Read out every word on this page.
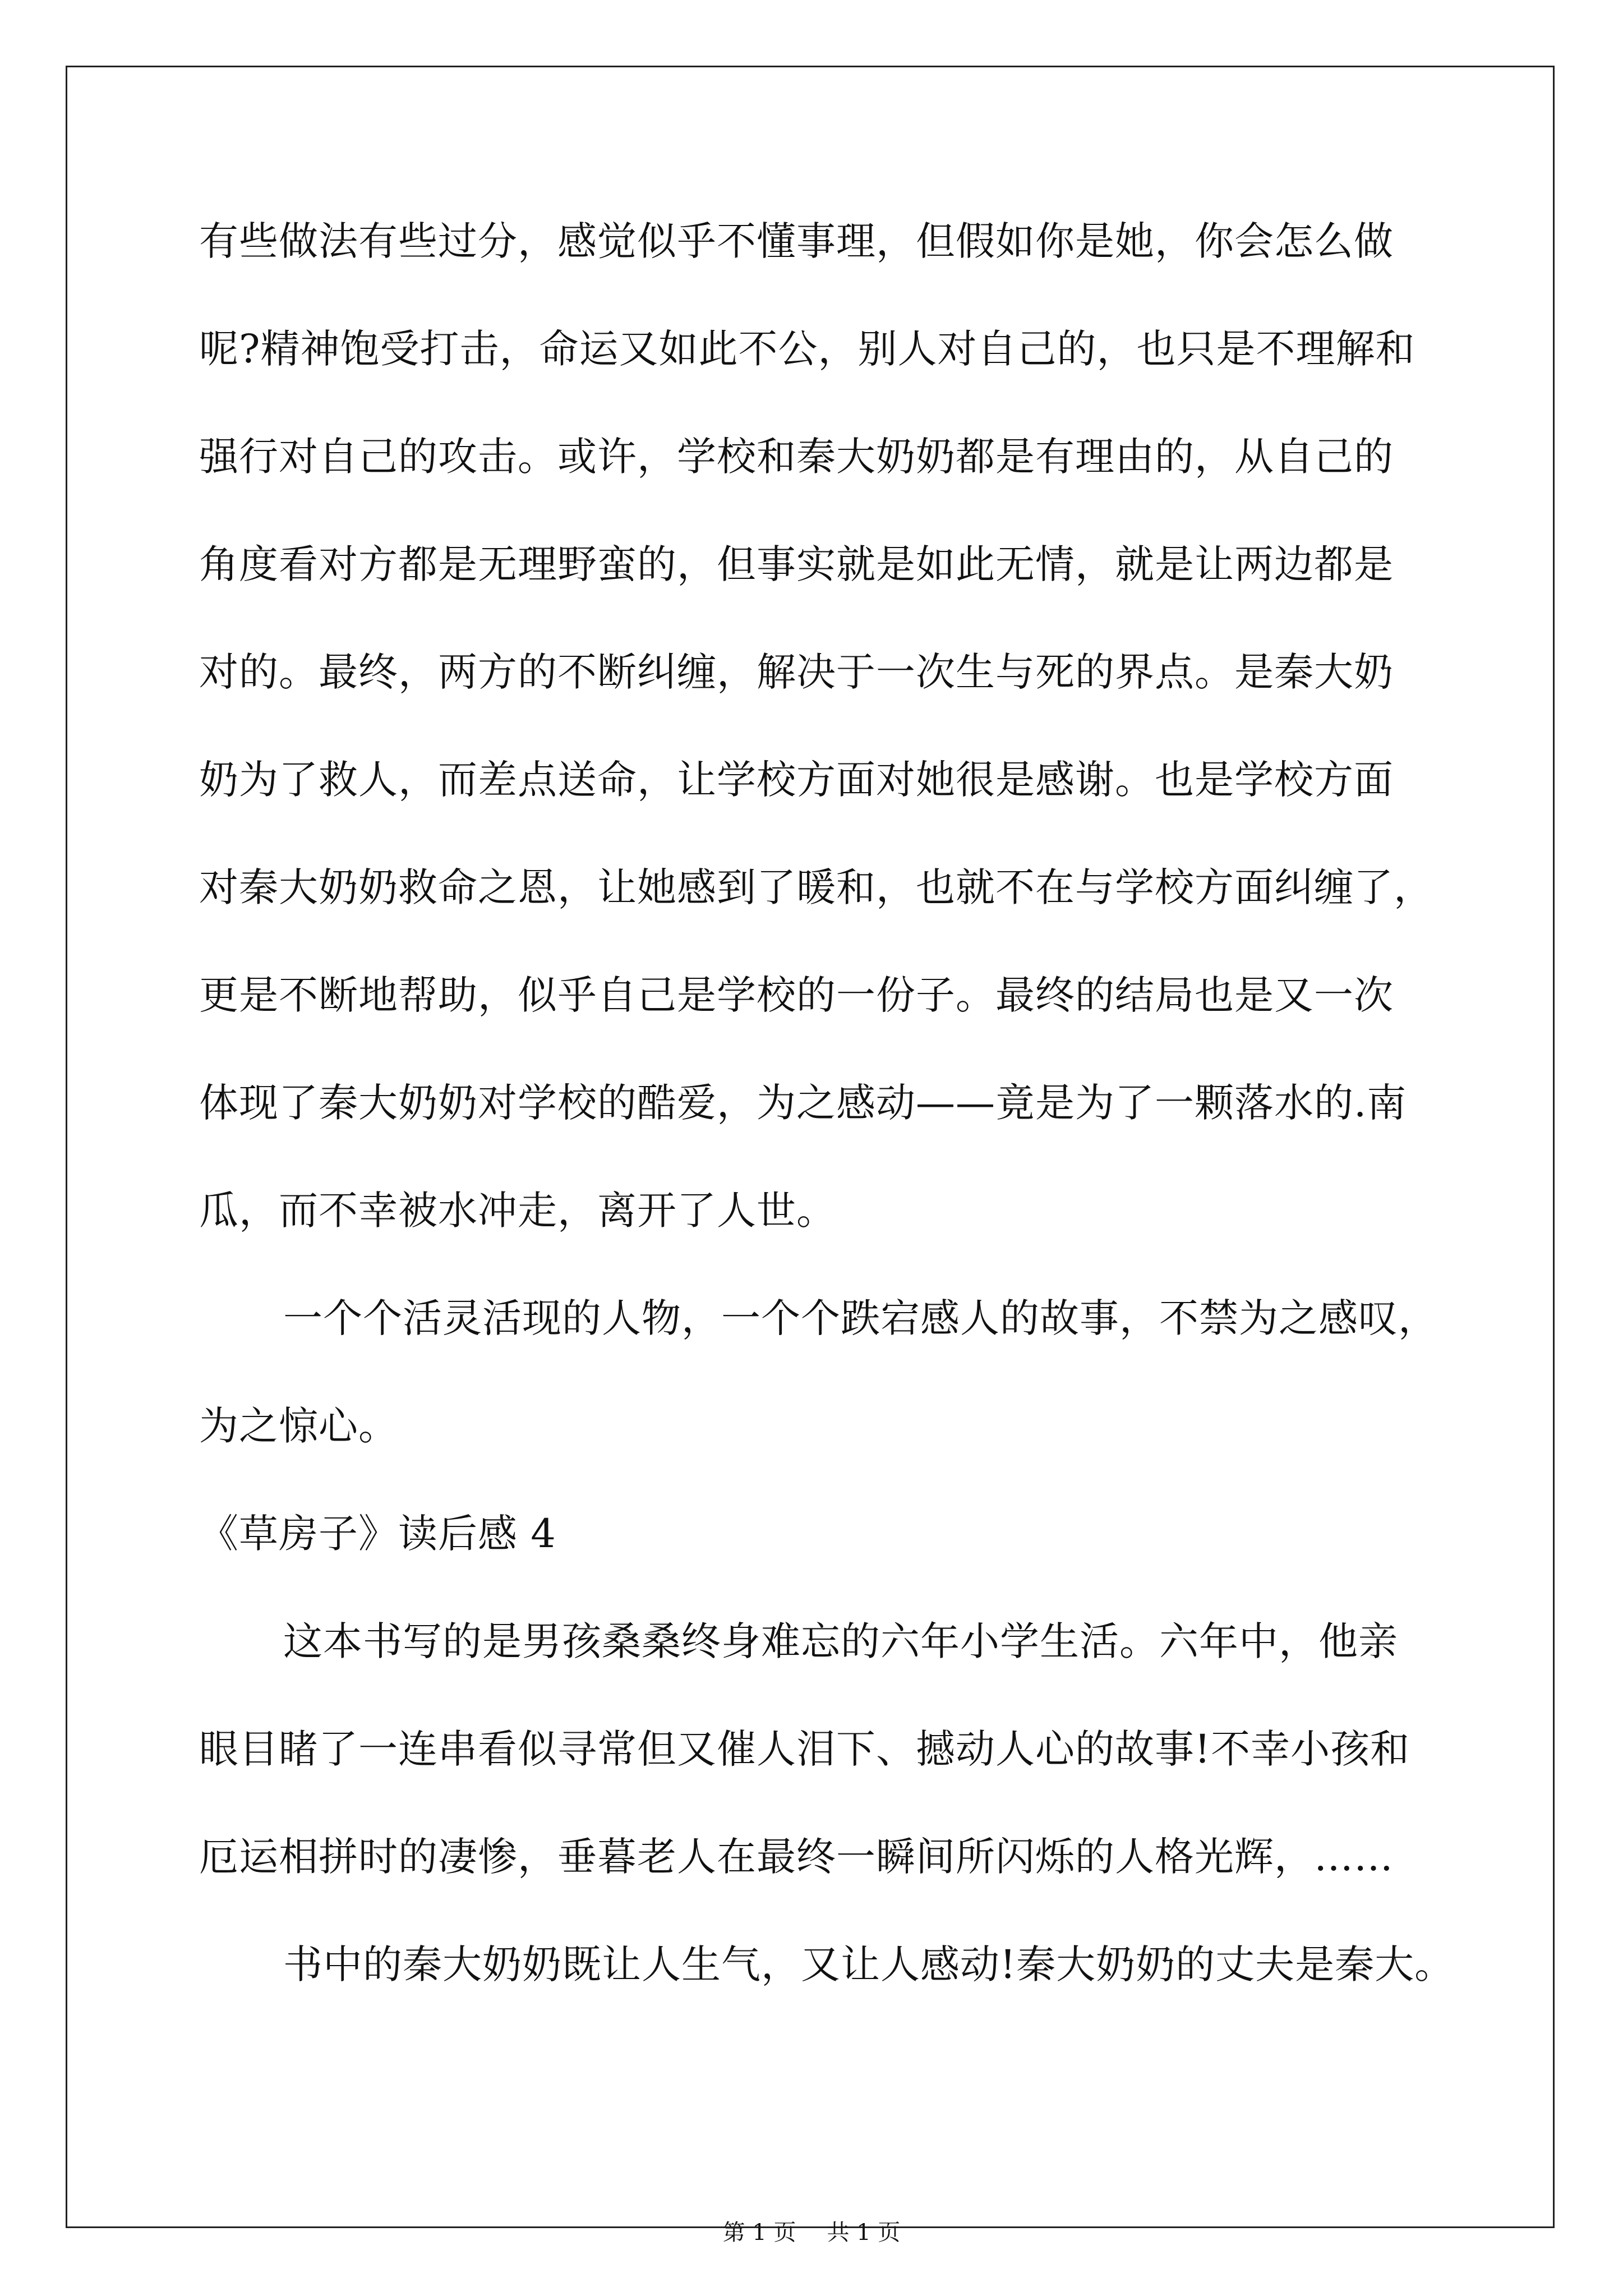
有些做法有些过分，感觉似乎不懂事理，但假如你是她，你会怎么做
呢?精神饱受打击，命运又如此不公，别人对自己的，也只是不理解和
强行对自己的攻击。或许，学校和秦大奶奶都是有理由的，从自己的
角度看对方都是无理野蛮的，但事实就是如此无情，就是让两边都是
对的。最终，两方的不断纠缠，解决于一次生与死的界点。是秦大奶
奶为了救人，而差点送命，让学校方面对她很是感谢。也是学校方面
对秦大奶奶救命之恩，让她感到了暖和，也就不在与学校方面纠缠了，
更是不断地帮助，似乎自己是学校的一份子。最终的结局也是又一次
体现了秦大奶奶对学校的酷爱，为之感动——竟是为了一颗落水的.南
瓜，而不幸被水冲走，离开了人世。
一个个活灵活现的人物，一个个跌宕感人的故事，不禁为之感叹，
为之惊心。
《草房子》读后感 4
这本书写的是男孩桑桑终身难忘的六年小学生活。六年中，他亲
眼目睹了一连串看似寻常但又催人泪下、撼动人心的故事!不幸小孩和
厄运相拼时的凄惨，垂暮老人在最终一瞬间所闪烁的人格光辉，……
书中的秦大奶奶既让人生气，又让人感动!秦大奶奶的丈夫是秦大。
第 1 页 共 1 页
